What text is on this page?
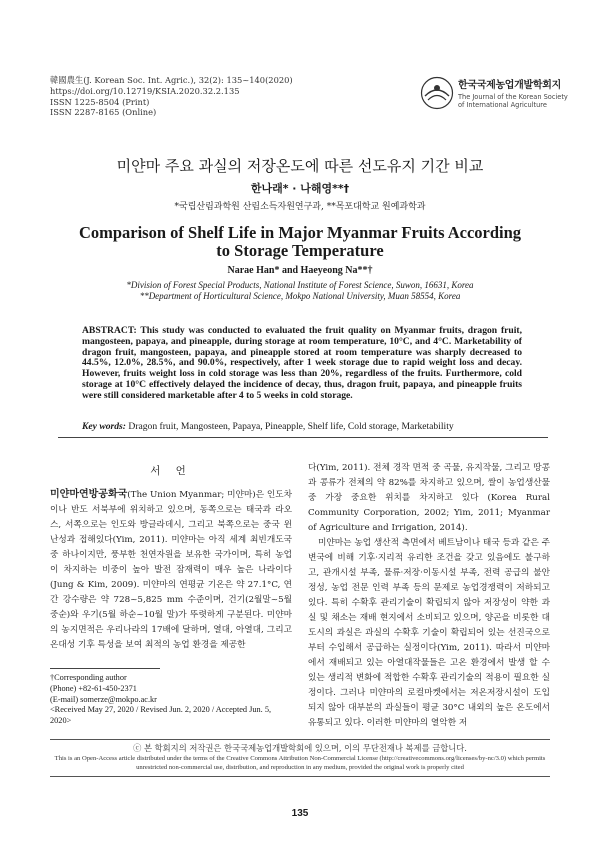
韓國農生(J. Korean Soc. Int. Agric.), 32(2): 135~140(2020)
https://doi.org/10.12719/KSIA.2020.32.2.135
ISSN 1225-8504 (Print)
ISSN 2287-8165 (Online)
한국국제농업개발학회지
The Journal of the Korean Society
of International Agriculture
미얀마 주요 과실의 저장온도에 따른 선도유지 기간 비교
한나래* · 나해영**†
*국립산림과학원 산림소득자원연구과, **목포대학교 원예과학과
Comparison of Shelf Life in Major Myanmar Fruits According
to Storage Temperature
Narae Han* and Haeyeong Na**†
*Division of Forest Special Products, National Institute of Forest Science, Suwon, 16631, Korea
**Department of Horticultural Science, Mokpo National University, Muan 58554, Korea
ABSTRACT: This study was conducted to evaluated the fruit quality on Myanmar fruits, dragon fruit, mangosteen, papaya, and pineapple, during storage at room temperature, 10°C, and 4°C. Marketability of dragon fruit, mangosteen, papaya, and pineapple stored at room temperature was sharply decreased to 44.5%, 12.0%, 28.5%, and 90.0%, respectively, after 1 week storage due to rapid weight loss and decay. However, fruits weight loss in cold storage was less than 20%, regardless of the fruits. Furthermore, cold storage at 10°C effectively delayed the incidence of decay, thus, dragon fruit, papaya, and pineapple fruits were still considered marketable after 4 to 5 weeks in cold storage.
Key words: Dragon fruit, Mangosteen, Papaya, Pineapple, Shelf life, Cold storage, Marketability
서 언
미얀마연방공화국(The Union Myanmar; 미얀마)은 인도차이나 반도 서북부에 위치하고 있으며, 동쪽으로는 태국과 라오스, 서쪽으로는 인도와 방글라데시, 그리고 북쪽으로는 중국 윈난성과 접해있다(Yim, 2011). 미얀마는 아직 세계 최빈개도국 중 하나이지만, 풍부한 천연자원을 보유한 국가이며, 특히 농업이 차지하는 비중이 높아 발전 잠재력이 매우 높은 나라이다(Jung & Kim, 2009). 미얀마의 연평균 기온은 약 27.1°C, 연간 강수량은 약 728~5,825 mm 수준이며, 건기(2월말~5월 중순)와 우기(5월 하순~10월 말)가 뚜렷하게 구분된다. 미얀마의 농지면적은 우리나라의 17배에 달하며, 열대, 아열대, 그리고 온대성 기후 특성을 보여 최적의 농업 환경을 제공한
다(Yim, 2011). 전체 경작 면적 중 곡물, 유지작물, 그리고 땅콩과 콩류가 전체의 약 82%를 차지하고 있으며, 쌀이 농업생산물 중 가장 중요한 위치를 차지하고 있다 (Korea Rural Community Corporation, 2002; Yim, 2011; Myanmar of Agriculture and Irrigation, 2014).
미얀마는 농업 생산적 측면에서 베트남이나 태국 등과 같은 주변국에 비해 기후·지리적 유리한 조건을 갖고 있음에도 불구하고, 관개시설 부족, 물류·저장·이동시설 부족, 전력 공급의 불안정성, 농업 전문 인력 부족 등의 문제로 농업경쟁력이 저하되고 있다. 특히 수확후 관리기술이 확립되지 않아 저장성이 약한 과실 및 채소는 재배 현지에서 소비되고 있으며, 양곤을 비롯한 대도시의 과실은 과실의 수확후 기술이 확립되어 있는 선진국으로부터 수입해서 공급하는 실정이다(Yim, 2011). 따라서 미얀마에서 재배되고 있는 아열대작물들은 고온 환경에서 발생 할 수 있는 생리적 변화에 적합한 수확후 관리기술의 적용이 필요한 실정이다. 그러나 미얀마의 로컬마켓에서는 저온저장시설이 도입되지 않아 대부분의 과실들이 평균 30°C 내외의 높은 온도에서 유통되고 있다. 이러한 미얀마의 열악한 저
†Corresponding author
(Phone) +82-61-450-2371
(E-mail) somerze@mokpo.ac.kr
<Received May 27, 2020 / Revised Jun. 2, 2020 / Accepted Jun. 5, 2020>
ⓒ 본 학회지의 저작권은 한국국제농업개발학회에 있으며, 이의 무단전재나 복제를 금합니다.
This is an Open-Access article distributed under the terms of the Creative Commons Attribution Non-Commercial License (http://creativecommons.org/licenses/by-nc/3.0) which permits unrestricted non-commercial use, distribution, and reproduction in any medium, provided the original work is properly cited
135
